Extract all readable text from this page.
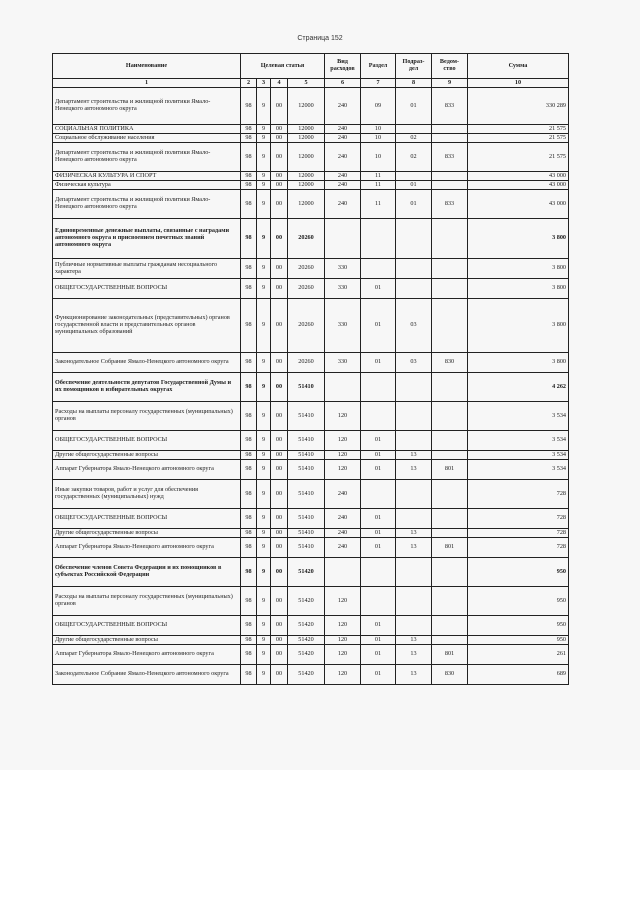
Страница 152
Наименование	Целевая статья				Вид расходов	Раздел	Подраз-дел	Ведом-ство	Сумма
1	2	3	4	5	6	7	8	9	10
Департамент строительства и жилищной политики Ямало-Ненецкого автономного округа	98	9	00	12000	240	09	01	833	330 289
СОЦИАЛЬНАЯ ПОЛИТИКА	98	9	00	12000	240	10			21 575
Социальное обслуживание населения	98	9	00	12000	240	10	02		21 575
Департамент строительства и жилищной политики Ямало-Ненецкого автономного округа	98	9	00	12000	240	10	02	833	21 575
ФИЗИЧЕСКАЯ КУЛЬТУРА И СПОРТ	98	9	00	12000	240	11			43 000
Физическая культура	98	9	00	12000	240	11	01		43 000
Департамент строительства и жилищной политики Ямало-Ненецкого автономного округа	98	9	00	12000	240	11	01	833	43 000
Единовременные денежные выплаты, связанные с наградами автономного округа и присвоением почетных званий автономного округа	98	9	00	20260					3 800
Публичные нормативные выплаты гражданам несоциального характера	98	9	00	20260	330				3 800
ОБЩЕГОСУДАРСТВЕННЫЕ ВОПРОСЫ	98	9	00	20260	330	01			3 800
Функционирование законодательных (представительных) органов государственной власти и представительных органов муниципальных образований	98	9	00	20260	330	01	03		3 800
Законодательное Собрание Ямало-Ненецкого автономного округа	98	9	00	20260	330	01	03	830	3 800
Обеспечение деятельности депутатов Государственной Думы и их помощников в избирательных округах	98	9	00	51410					4 262
Расходы на выплаты персоналу государственных (муниципальных) органов	98	9	00	51410	120				3 534
ОБЩЕГОСУДАРСТВЕННЫЕ ВОПРОСЫ	98	9	00	51410	120	01			3 534
Другие общегосударственные вопросы	98	9	00	51410	120	01	13		3 534
Аппарат Губернатора Ямало-Ненецкого автономного округа	98	9	00	51410	120	01	13	801	3 534
Иные закупки товаров, работ и услуг для обеспечения государственных (муниципальных) нужд	98	9	00	51410	240				728
ОБЩЕГОСУДАРСТВЕННЫЕ ВОПРОСЫ	98	9	00	51410	240	01			728
Другие общегосударственные вопросы	98	9	00	51410	240	01	13		728
Аппарат Губернатора Ямало-Ненецкого автономного округа	98	9	00	51410	240	01	13	801	728
Обеспечение членов Совета Федерации и их помощников в субъектах Российской Федерации	98	9	00	51420					950
Расходы на выплаты персоналу государственных (муниципальных) органов	98	9	00	51420	120				950
ОБЩЕГОСУДАРСТВЕННЫЕ ВОПРОСЫ	98	9	00	51420	120	01			950
Другие общегосударственные вопросы	98	9	00	51420	120	01	13		950
Аппарат Губернатора Ямало-Ненецкого автономного округа	98	9	00	51420	120	01	13	801	261
Законодательное Собрание Ямало-Ненецкого автономного округа	98	9	00	51420	120	01	13	830	689
